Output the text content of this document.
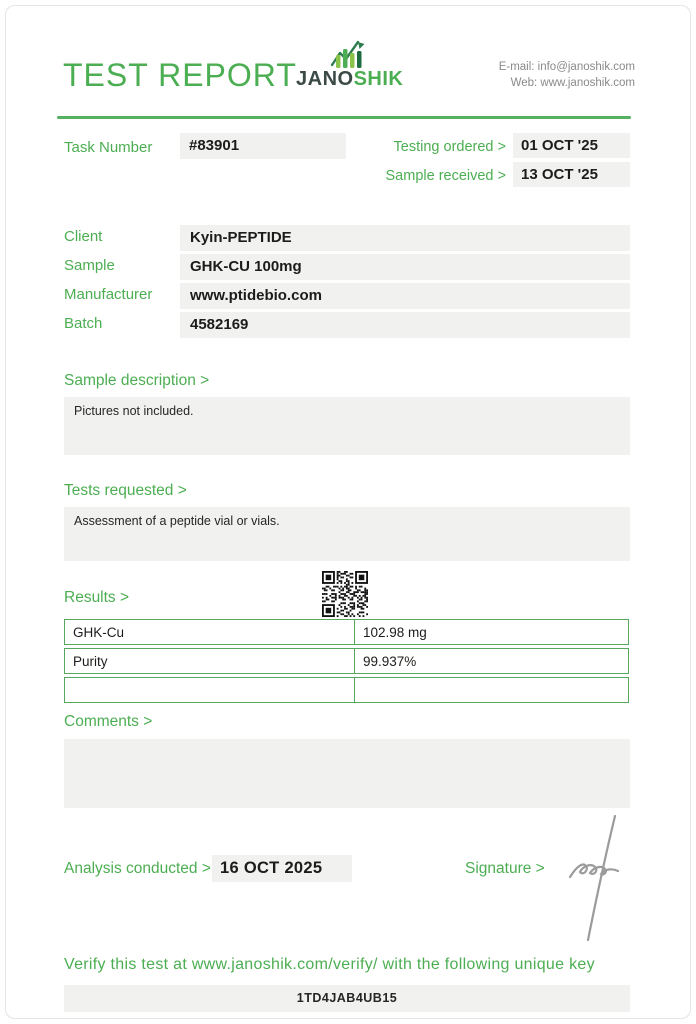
TEST REPORT JANOSHIK
E-mail: info@janoshik.com
Web: www.janoshik.com
Task Number	#83901	Testing ordered >	01 OCT '25
Sample received >	13 OCT '25
Client	Kyin-PEPTIDE
Sample	GHK-CU 100mg
Manufacturer	www.ptidebio.com
Batch	4582169
Sample description >
Pictures not included.
Tests requested >
Assessment of a peptide vial or vials.
Results >
GHK-Cu	102.98 mg
Purity	99.937%

Comments >
Analysis conducted > 16 OCT 2025	Signature >
Verify this test at www.janoshik.com/verify/ with the following unique key
1TD4JAB4UB15
